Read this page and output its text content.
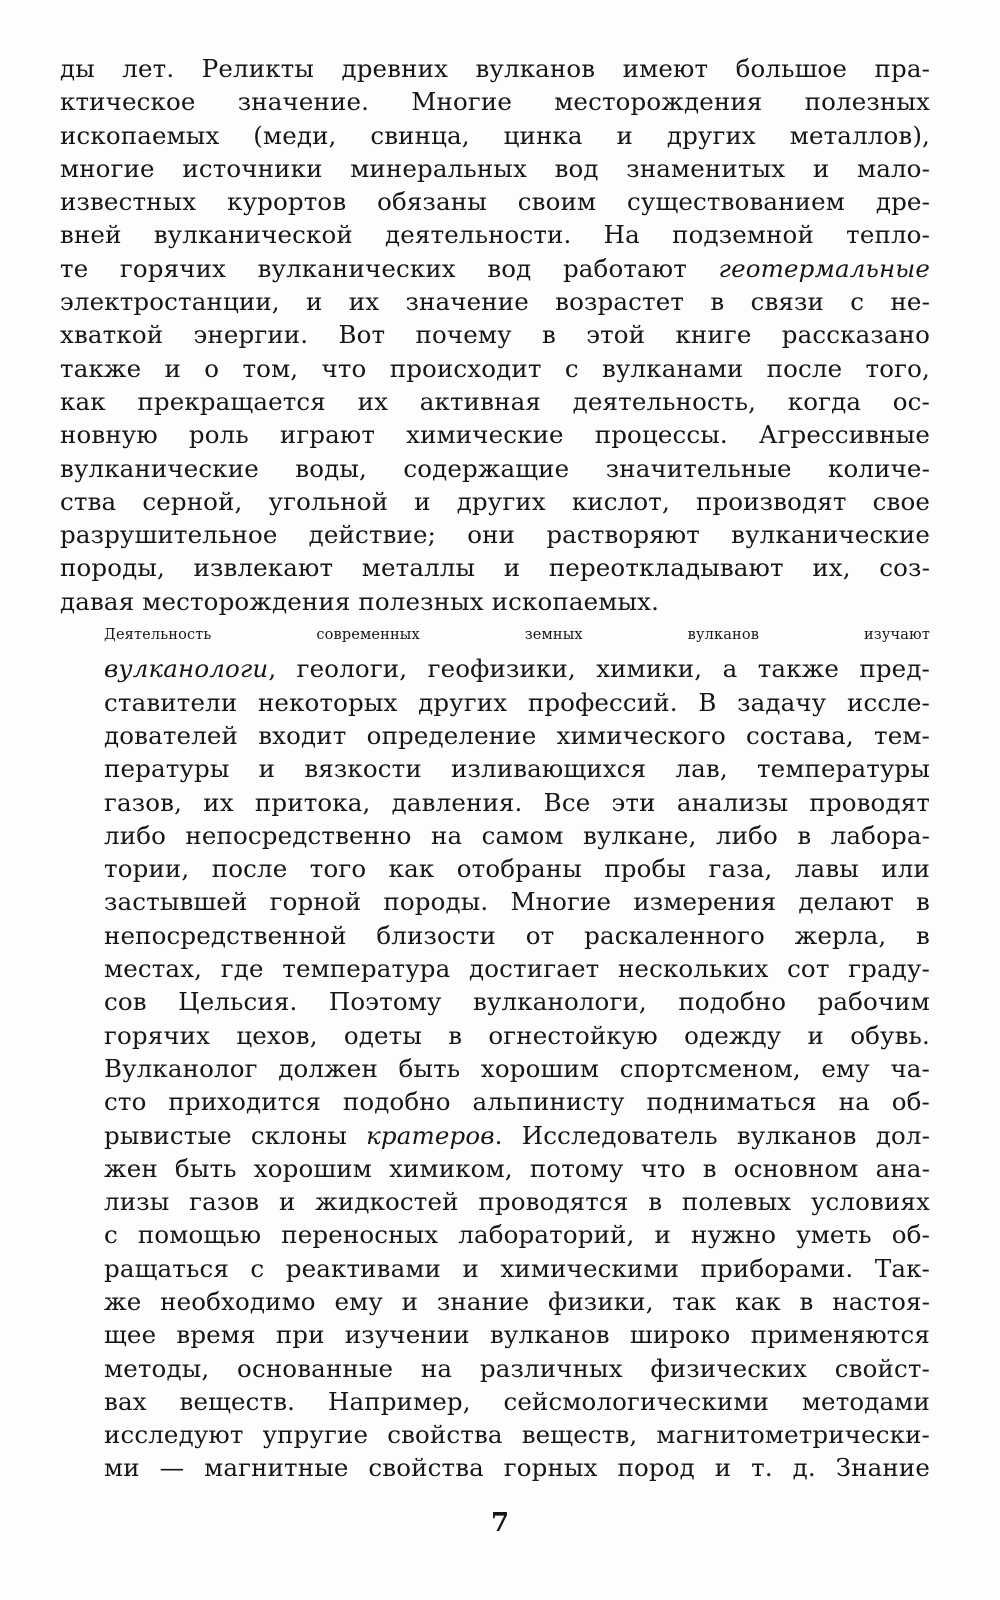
ды лет. Реликты древних вулканов имеют большое пра-
ктическое значение. Многие месторождения полезных
ископаемых (меди, свинца, цинка и других металлов),
многие источники минеральных вод знаменитых и мало-
известных курортов обязаны своим существованием дре-
вней вулканической деятельности. На подземной тепло-
те горячих вулканических вод работают геотермальные
электростанции, и их значение возрастет в связи с не-
хваткой энергии. Вот почему в этой книге рассказано
также и о том, что происходит с вулканами после того,
как прекращается их активная деятельность, когда ос-
новную роль играют химические процессы. Агрессивные
вулканические воды, содержащие значительные количе-
ства серной, угольной и других кислот, производят свое
разрушительное действие; они растворяют вулканические
породы, извлекают металлы и переоткладывают их, соз-
давая месторождения полезных ископаемых.

Деятельность современных земных вулканов изучают
вулканологи, геологи, геофизики, химики, а также пред-
ставители некоторых других профессий. В задачу иссле-
дователей входит определение химического состава, тем-
пературы и вязкости изливающихся лав, температуры
газов, их притока, давления. Все эти анализы проводят
либо непосредственно на самом вулкане, либо в лабора-
тории, после того как отобраны пробы газа, лавы или
застывшей горной породы. Многие измерения делают в
непосредственной близости от раскаленного жерла, в
местах, где температура достигает нескольких сот граду-
сов Цельсия. Поэтому вулканологи, подобно рабочим
горячих цехов, одеты в огнестойкую одежду и обувь.
Вулканолог должен быть хорошим спортсменом, ему ча-
сто приходится подобно альпинисту подниматься на об-
рывистые склоны кратеров. Исследователь вулканов дол-
жен быть хорошим химиком, потому что в основном ана-
лизы газов и жидкостей проводятся в полевых условиях
с помощью переносных лабораторий, и нужно уметь об-
ращаться с реактивами и химическими приборами. Так-
же необходимо ему и знание физики, так как в настоя-
щее время при изучении вулканов широко применяются
методы, основанные на различных физических свойст-
вах веществ. Например, сейсмологическими методами
исследуют упругие свойства веществ, магнитометрически-
ми — магнитные свойства горных пород и т. д. Знание

7
